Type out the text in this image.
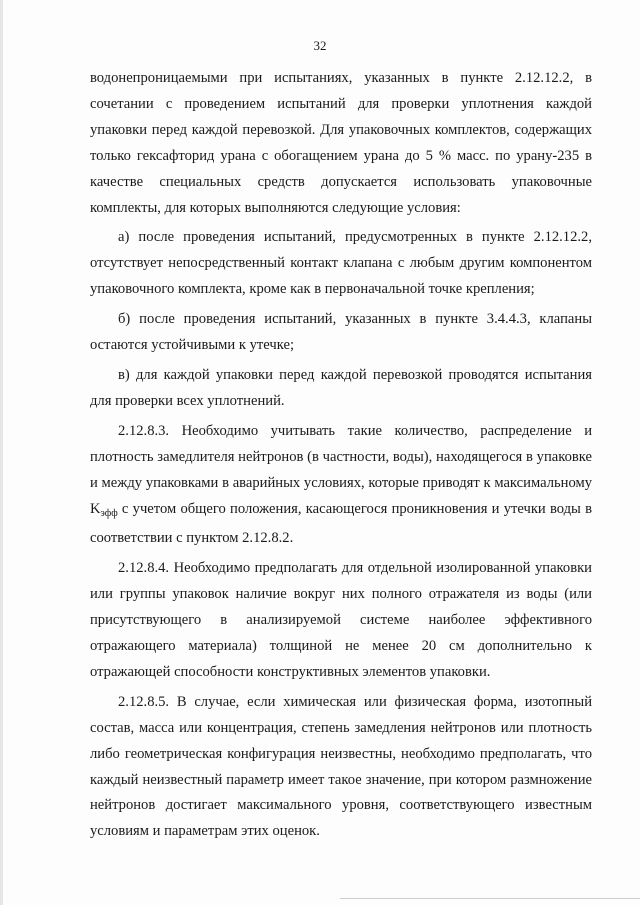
32

водонепроницаемыми при испытаниях, указанных в пункте 2.12.12.2, в сочетании с проведением испытаний для проверки уплотнения каждой упаковки перед каждой перевозкой. Для упаковочных комплектов, содержащих только гексафторид урана с обогащением урана до 5 % масс. по урану-235 в качестве специальных средств допускается использовать упаковочные комплекты, для которых выполняются следующие условия:

а) после проведения испытаний, предусмотренных в пункте 2.12.12.2, отсутствует непосредственный контакт клапана с любым другим компонентом упаковочного комплекта, кроме как в первоначальной точке крепления;

б) после проведения испытаний, указанных в пункте 3.4.4.3, клапаны остаются устойчивыми к утечке;

в) для каждой упаковки перед каждой перевозкой проводятся испытания для проверки всех уплотнений.

2.12.8.3. Необходимо учитывать такие количество, распределение и плотность замедлителя нейтронов (в частности, воды), находящегося в упаковке и между упаковками в аварийных условиях, которые приводят к максимальному $K_{эфф}$ с учетом общего положения, касающегося проникновения и утечки воды в соответствии с пунктом 2.12.8.2.

2.12.8.4. Необходимо предполагать для отдельной изолированной упаковки или группы упаковок наличие вокруг них полного отражателя из воды (или присутствующего в анализируемой системе наиболее эффективного отражающего материала) толщиной не менее 20 см дополнительно к отражающей способности конструктивных элементов упаковки.

2.12.8.5. В случае, если химическая или физическая форма, изотопный состав, масса или концентрация, степень замедления нейтронов или плотность либо геометрическая конфигурация неизвестны, необходимо предполагать, что каждый неизвестный параметр имеет такое значение, при котором размножение нейтронов достигает максимального уровня, соответствующего известным условиям и параметрам этих оценок.
